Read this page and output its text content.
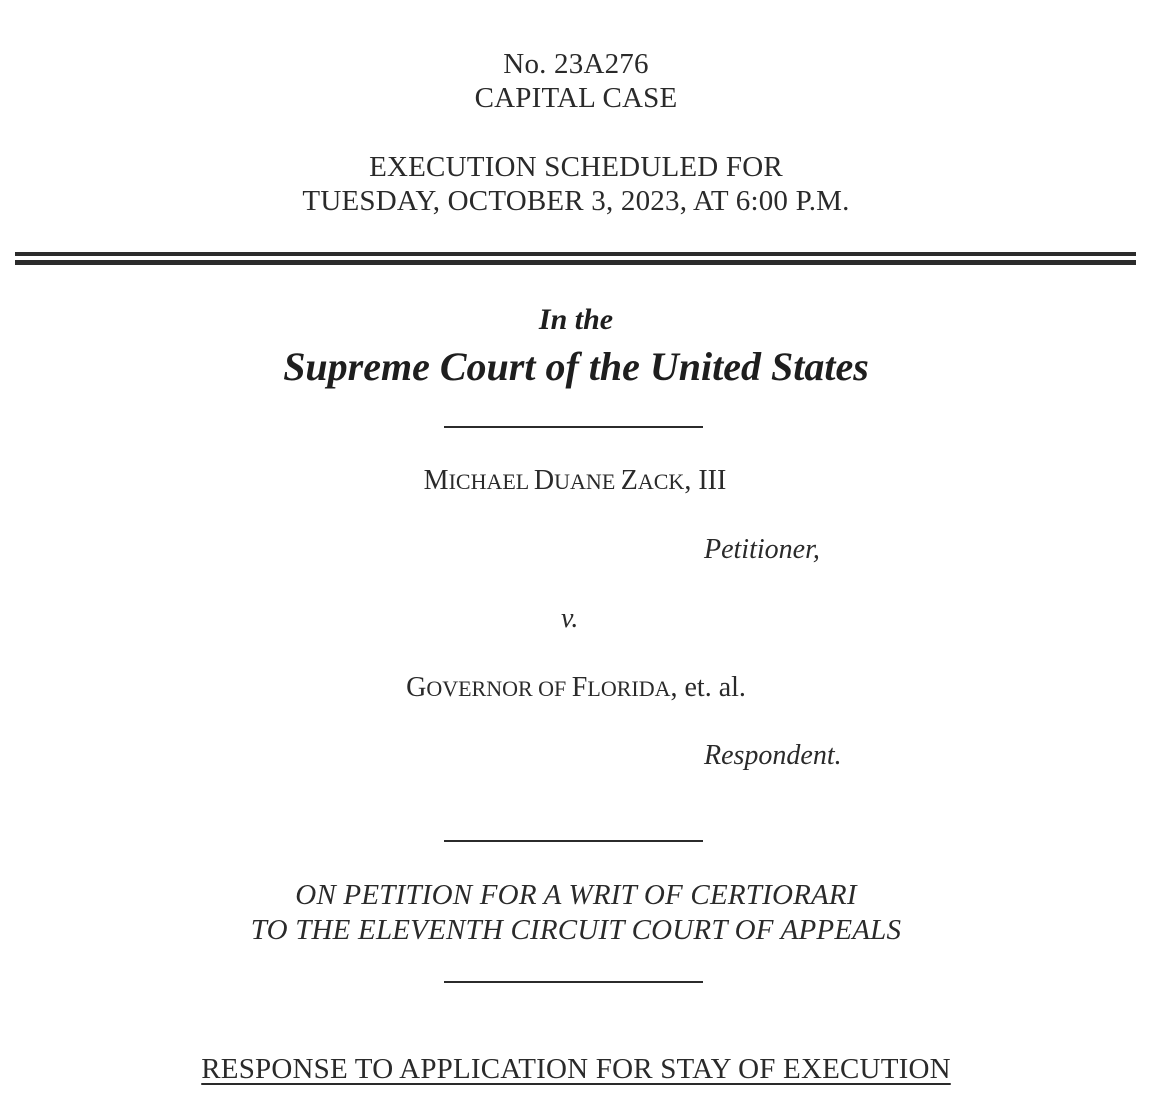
No. 23A276
CAPITAL CASE
EXECUTION SCHEDULED FOR
TUESDAY, OCTOBER 3, 2023, AT 6:00 P.M.
In the
Supreme Court of the United States
MICHAEL DUANE ZACK, III
Petitioner,
v.
GOVERNOR OF FLORIDA, et. al.
Respondent.
ON PETITION FOR A WRIT OF CERTIORARI
TO THE ELEVENTH CIRCUIT COURT OF APPEALS
RESPONSE TO APPLICATION FOR STAY OF EXECUTION
